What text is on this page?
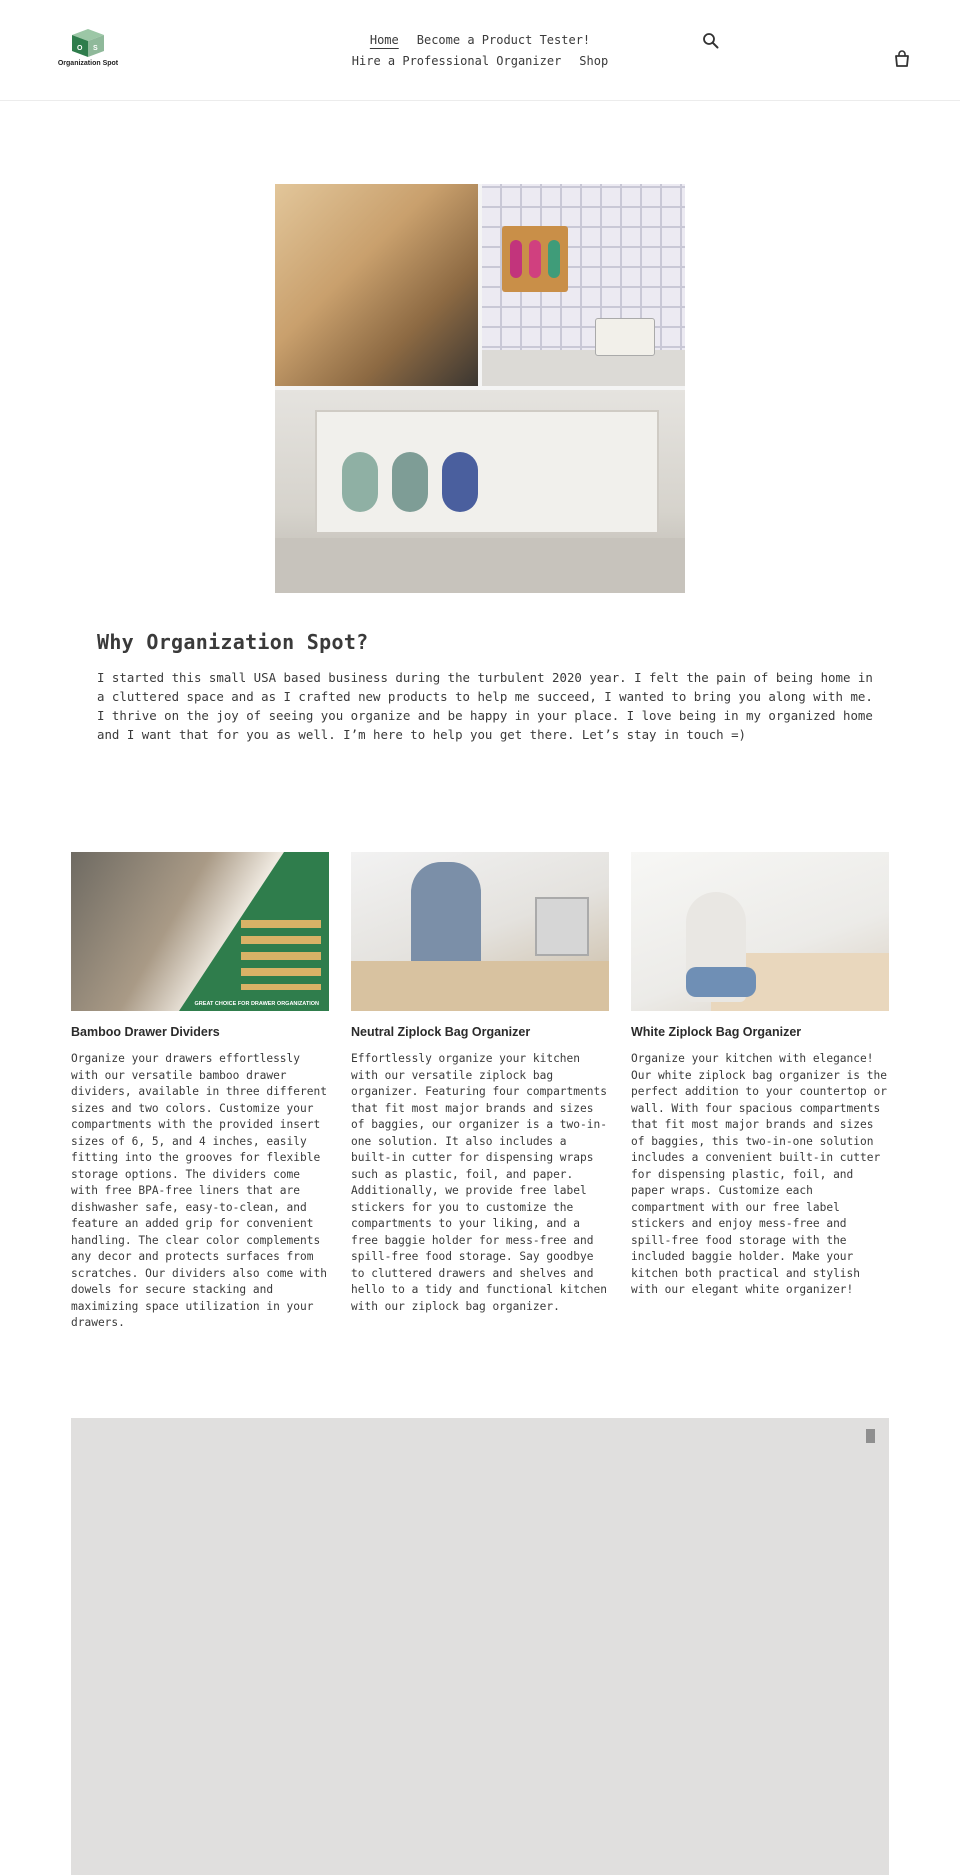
O S
Organization Spot
Home Become a Product Tester!
Hire a Professional Organizer Shop
Why Organization Spot?

I started this small USA based business during the turbulent 2020 year. I felt the pain of being home in a cluttered space and as I crafted new products to help me succeed, I wanted to bring you along with me. I thrive on the joy of seeing you organize and be happy in your place. I love being in my organized home and I want that for you as well. I’m here to help you get there. Let’s stay in touch =)

GREAT CHOICE FOR DRAWER ORGANIZATION
Bamboo Drawer Dividers

Organize your drawers effortlessly with our versatile bamboo drawer dividers, available in three different sizes and two colors. Customize your compartments with the provided insert sizes of 6, 5, and 4 inches, easily fitting into the grooves for flexible storage options. The dividers come with free BPA-free liners that are dishwasher safe, easy-to-clean, and feature an added grip for convenient handling. The clear color complements any decor and protects surfaces from scratches. Our dividers also come with dowels for secure stacking and maximizing space utilization in your drawers.

Neutral Ziplock Bag Organizer

Effortlessly organize your kitchen with our versatile ziplock bag organizer. Featuring four compartments that fit most major brands and sizes of baggies, our organizer is a two-in-one solution. It also includes a built-in cutter for dispensing wraps such as plastic, foil, and paper. Additionally, we provide free label stickers for you to customize the compartments to your liking, and a free baggie holder for mess-free and spill-free food storage. Say goodbye to cluttered drawers and shelves and hello to a tidy and functional kitchen with our ziplock bag organizer.

White Ziplock Bag Organizer

Organize your kitchen with elegance! Our white ziplock bag organizer is the perfect addition to your countertop or wall. With four spacious compartments that fit most major brands and sizes of baggies, this two-in-one solution includes a convenient built-in cutter for dispensing plastic, foil, and paper wraps. Customize each compartment with our free label stickers and enjoy mess-free and spill-free food storage with the included baggie holder. Make your kitchen both practical and stylish with our elegant white organizer!
